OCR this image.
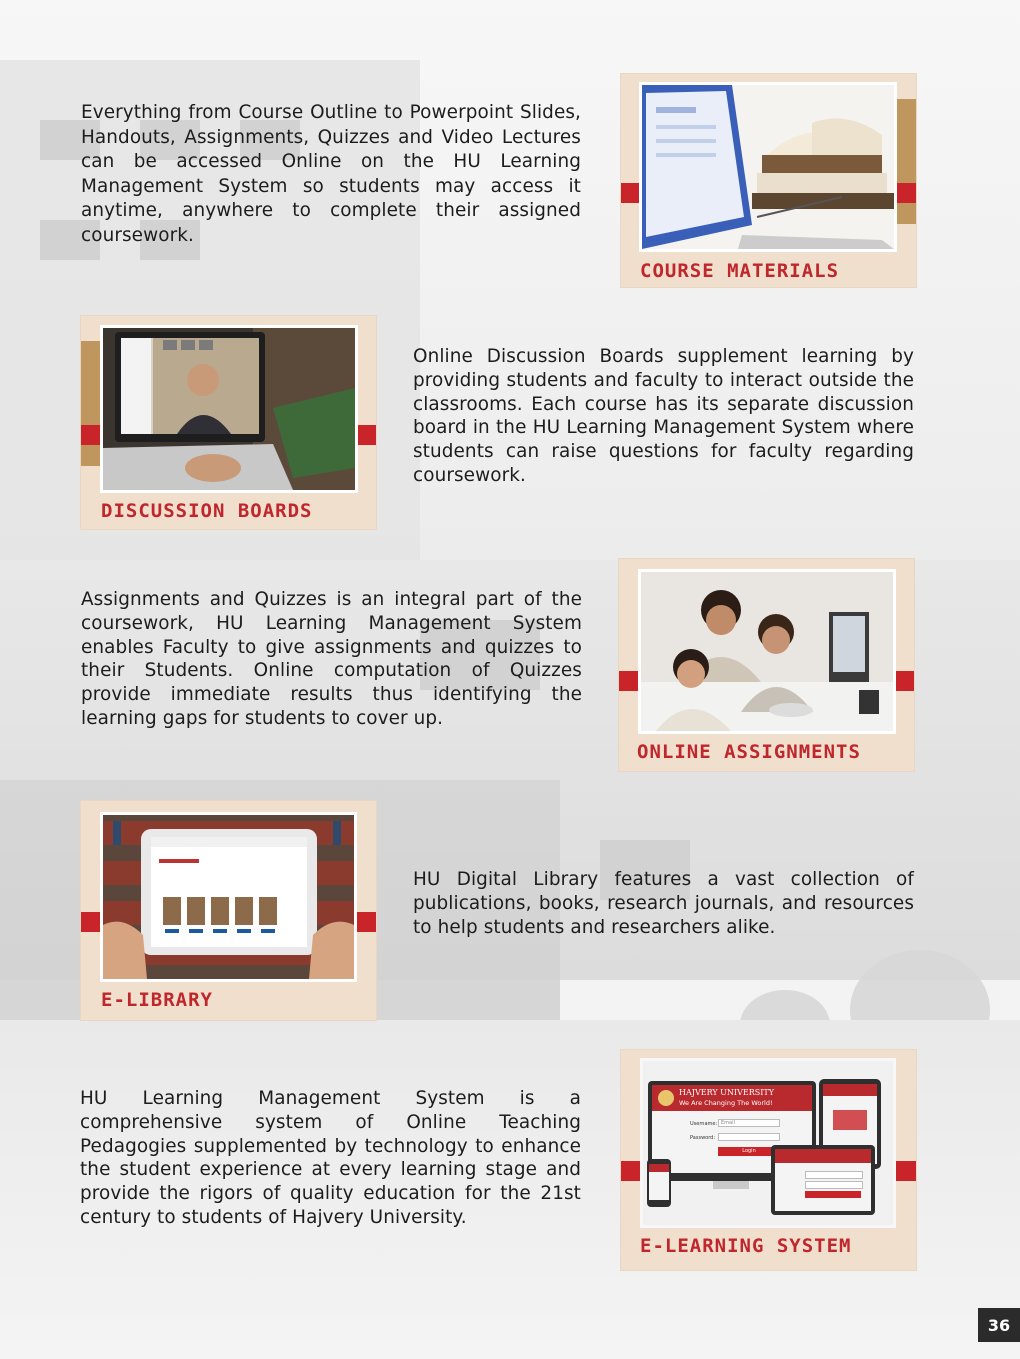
Everything from Course Outline to Powerpoint Slides, Handouts, Assignments, Quizzes and Video Lectures can be accessed Online on the HU Learning Management System so students may access it anytime, anywhere to complete their assigned coursework.

COURSE MATERIALS
DISCUSSION BOARDS

Online Discussion Boards supplement learning by providing students and faculty to interact outside the classrooms. Each course has its separate discussion board in the HU Learning Management System where students can raise questions for faculty regarding coursework.

Assignments and Quizzes is an integral part of the coursework, HU Learning Management System enables Faculty to give assignments and quizzes to their Students. Online computation of Quizzes provide immediate results thus identifying the learning gaps for students to cover up.

ONLINE ASSIGNMENTS
E-LIBRARY

HU Digital Library features a vast collection of publications, books, research journals, and resources to help students and researchers alike.

HU Learning Management System is a comprehensive system of Online Teaching Pedagogies supplemented by technology to enhance the student experience at every learning stage and provide the rigors of quality education for the 21st century to students of Hajvery University.

HAJVERY UNIVERSITY
We Are Changing The World!
Username: Email
Password:
Login
E-LEARNING SYSTEM
36
